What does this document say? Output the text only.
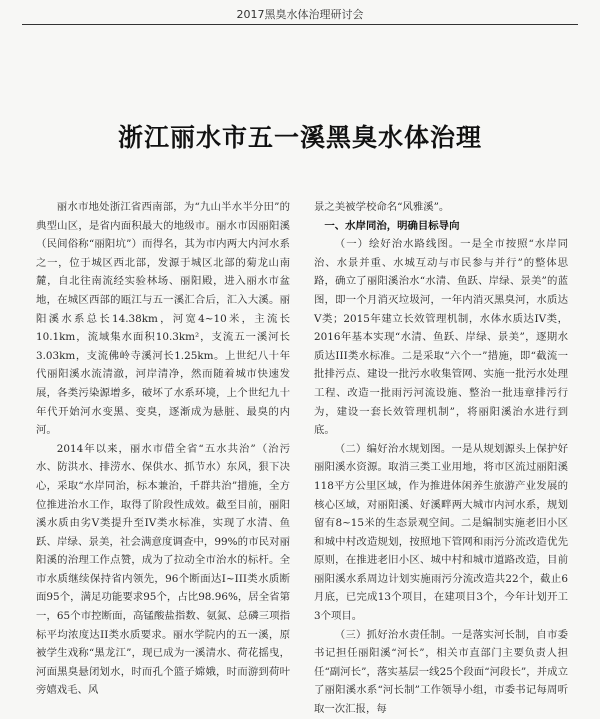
2017黑臭水体治理研讨会
浙江丽水市五一溪黑臭水体治理

丽水市地处浙江省西南部，为“九山半水半分田”的典型山区，是省内面积最大的地级市。丽水市因丽阳溪（民间俗称“丽阳坑”）而得名，其为市内两大内河水系之一，位于城区西北部，发源于城区北部的菊龙山南麓，自北往南流经实验林场、丽阳殿，进入丽水市盆地，在城区西部的瓯江与五一溪汇合后，汇入大溪。丽阳溪水系总长14.38km，河宽4~10米，主流长10.1km，流域集水面积10.3km²，支流五一溪河长3.03km，支流佛岭寺溪河长1.25km。上世纪八十年代丽阳溪水流清澈，河岸清净，然而随着城市快速发展，各类污染源增多，破坏了水系环境，上个世纪九十年代开始河水变黑、变臭，逐渐成为悬脏、最臭的内河。

2014年以来，丽水市借全省“五水共治”（治污水、防洪水、排涝水、保供水、抓节水）东风，狠下决心，采取“水岸同治，标本兼治，千群共治”措施，全方位推进治水工作，取得了阶段性成效。截至目前，丽阳溪水质由劣V类提升至IV类水标准，实现了水清、鱼跃、岸绿、景美，社会满意度调查中，99%的市民对丽阳溪的治理工作点赞，成为了拉动全市治水的标杆。全市水质继续保持省内领先，96个断面达I~III类水质断面95个，满足功能要求95个，占比98.96%，居全省第一，65个市控断面，高锰酸盐指数、氨氮、总磷三项指标平均浓度达II类水质要求。丽水学院内的五一溪，原被学生戏称“黑龙江”，现已成为一溪清水、荷花摇曳，河面黑臭悬闭划水，时而孔个篮子嫦娥，时而游到荷叶旁嬉戏毛、风

景之美被学校命名“风雅溪”。

一、水岸同治，明确目标导向

（一）绘好治水路线图。一是全市按照“水岸同治、水景并重、水城互动与市民参与并行”的整体思路，确立了丽阳溪治水“水清、鱼跃、岸绿、景美”的蓝图，即一个月消灭垃圾河，一年内消灭黑臭河，水质达V类；2015年建立长效管理机制，水体水质达IV类，2016年基本实现“水清、鱼跃、岸绿、景美”，逐期水质达III类水标准。二是采取“六个一”措施，即“截流一批排污点、建设一批污水收集管网、实施一批污水处理工程、改造一批雨污河流设施、整治一批违章排污行为，建设一套长效管理机制”，将丽阳溪治水进行到底。

（二）编好治水规划图。一是从规划源头上保护好丽阳溪水资源。取消三类工业用地，将市区流过丽阳溪118平方公里区域，作为推进体闲养生旅游产业发展的核心区域，对丽阳溪、好溪畔两大城市内河水系，规划留有8~15米的生态景观空间。二是编制实施老旧小区和城中村改造规划，按照地下管网和雨污分流改造优先原则，在推进老旧小区、城中村和城市道路改造，目前丽阳溪水系周边计划实施雨污分流改造共22个，截止6月底，已完成13个项目，在建项目3个，今年计划开工3个项目。

（三）抓好治水责任制。一是落实河长制，自市委书记担任丽阳溪“河长”，相关市直部门主要负责人担任“副河长”，落实基层一线25个段面“河段长”，并成立了丽阳溪水系“河长制”工作领导小组，市委书记每周听取一次汇报，每
